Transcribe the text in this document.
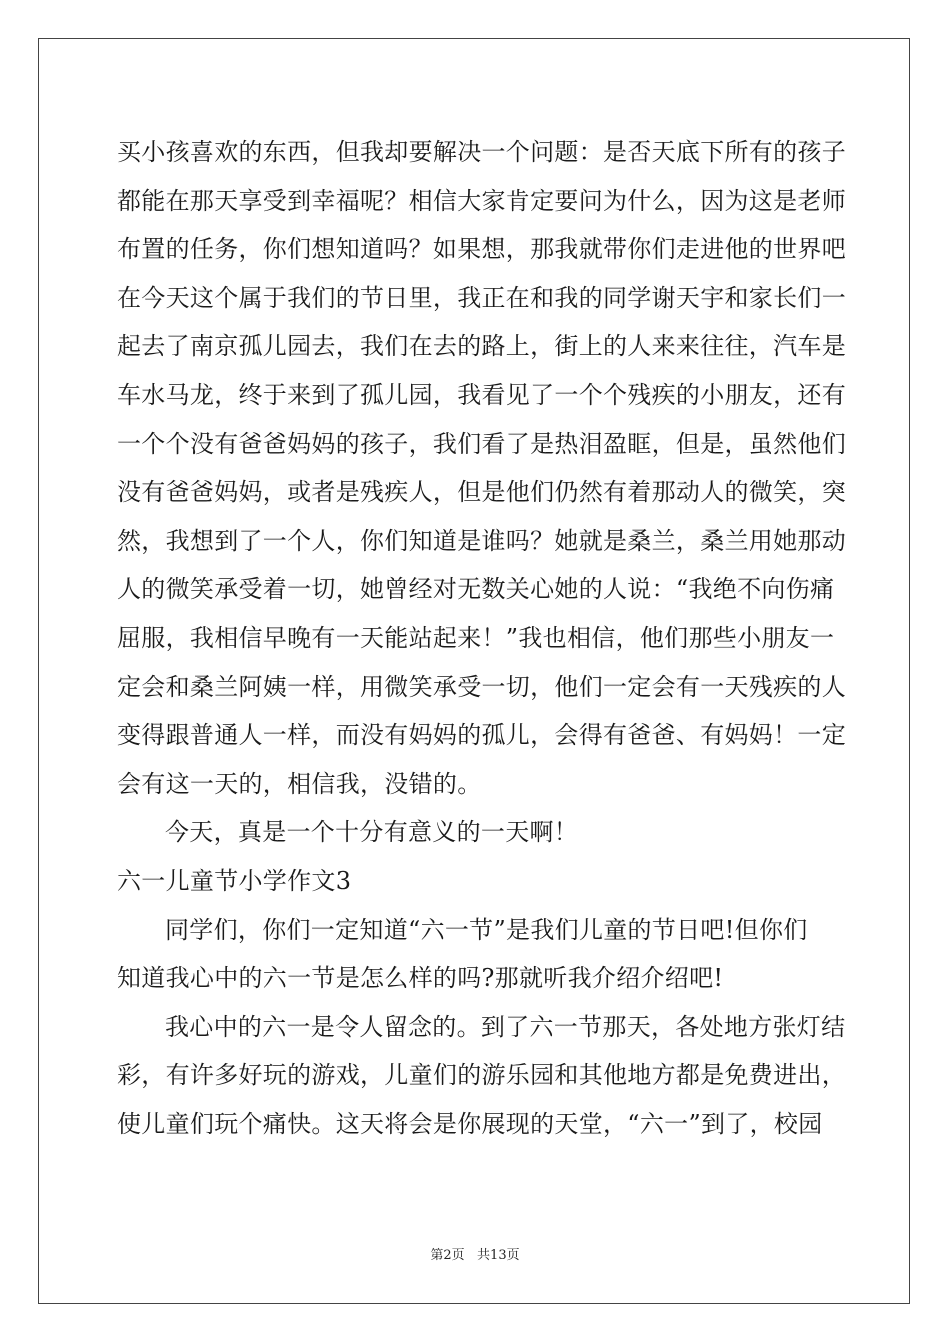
买小孩喜欢的东西，但我却要解决一个问题：是否天底下所有的孩子
都能在那天享受到幸福呢？相信大家肯定要问为什么，因为这是老师
布置的任务，你们想知道吗？如果想，那我就带你们走进他的世界吧
在今天这个属于我们的节日里，我正在和我的同学谢天宇和家长们一
起去了南京孤儿园去，我们在去的路上，街上的人来来往往，汽车是
车水马龙，终于来到了孤儿园，我看见了一个个残疾的小朋友，还有
一个个没有爸爸妈妈的孩子，我们看了是热泪盈眶，但是，虽然他们
没有爸爸妈妈，或者是残疾人，但是他们仍然有着那动人的微笑，突
然，我想到了一个人，你们知道是谁吗？她就是桑兰，桑兰用她那动
人的微笑承受着一切，她曾经对无数关心她的人说：“我绝不向伤痛
屈服，我相信早晚有一天能站起来！”我也相信，他们那些小朋友一
定会和桑兰阿姨一样，用微笑承受一切，他们一定会有一天残疾的人
变得跟普通人一样，而没有妈妈的孤儿，会得有爸爸、有妈妈！一定
会有这一天的，相信我，没错的。
今天，真是一个十分有意义的一天啊！
六一儿童节小学作文3
同学们，你们一定知道“六一节”是我们儿童的节日吧!但你们
知道我心中的六一节是怎么样的吗?那就听我介绍介绍吧!
我心中的六一是令人留念的。到了六一节那天，各处地方张灯结
彩，有许多好玩的游戏，儿童们的游乐园和其他地方都是免费进出，
使儿童们玩个痛快。这天将会是你展现的天堂，“六一”到了，校园
第2页   共13页
